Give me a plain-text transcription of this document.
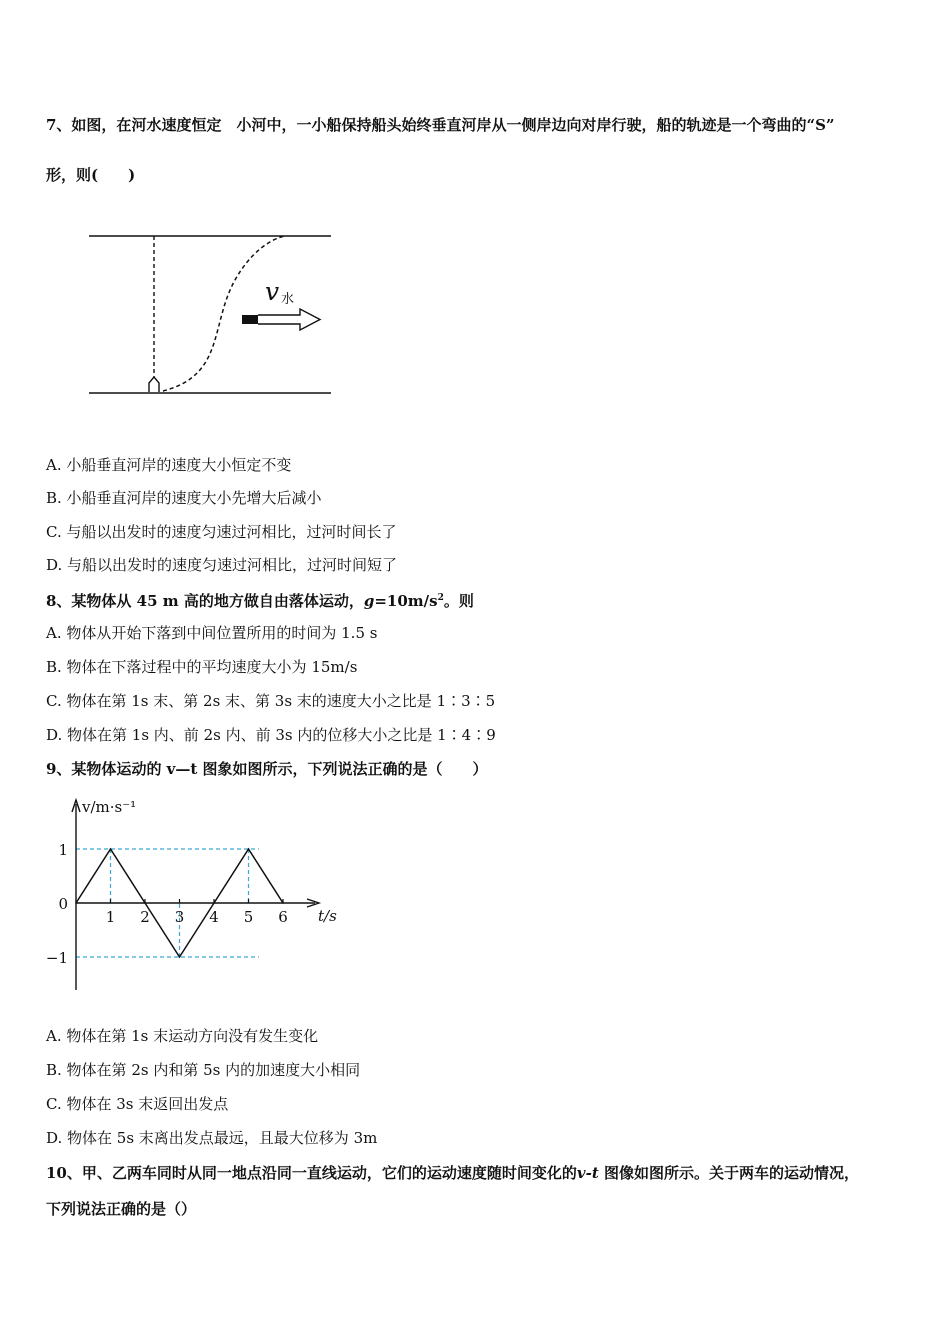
7、如图，在河水速度恒定　小河中，一小船保持船头始终垂直河岸从一侧岸边向对岸行驶，船的轨迹是一个弯曲的“S”
形，则(　　)
v 水
A. 小船垂直河岸的速度大小恒定不变
B. 小船垂直河岸的速度大小先增大后减小
C. 与船以出发时的速度匀速过河相比，过河时间长了
D. 与船以出发时的速度匀速过河相比，过河时间短了
8、某物体从 45 m 高的地方做自由落体运动，$g=10m/s^2$。则
A. 物体从开始下落到中间位置所用的时间为 1.5 s
B. 物体在下落过程中的平均速度大小为 15m/s
C. 物体在第 1s 末、第 2s 末、第 3s 末的速度大小之比是 1∶3∶5
D. 物体在第 1s 内、前 2s 内、前 3s 内的位移大小之比是 1∶4∶9
9、某物体运动的 v—t 图象如图所示，下列说法正确的是（　　）
1 2 3 4 5 6
1
0
−1
v/m·s⁻¹
t/s
A. 物体在第 1s 末运动方向没有发生变化
B. 物体在第 2s 内和第 5s 内的加速度大小相同
C. 物体在 3s 末返回出发点
D. 物体在 5s 末离出发点最远，且最大位移为 3m
10、甲、乙两车同时从同一地点沿同一直线运动，它们的运动速度随时间变化的v-t 图像如图所示。关于两车的运动情况，
下列说法正确的是（）
